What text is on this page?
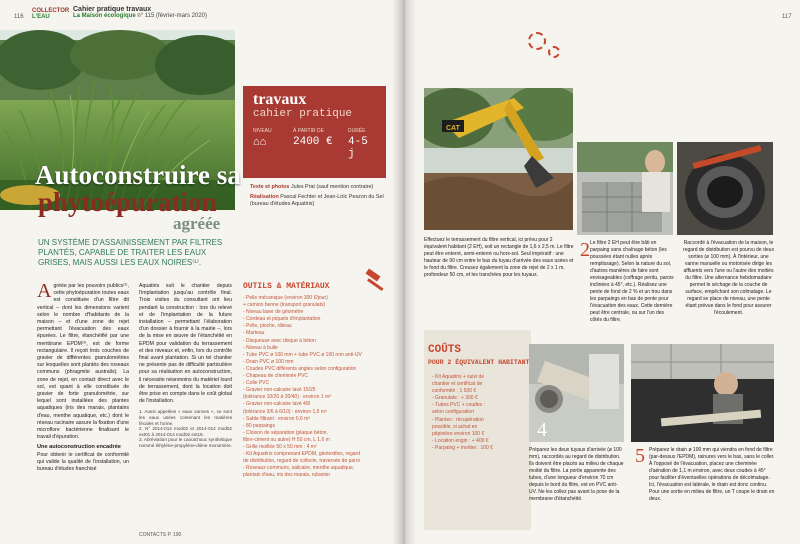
116
COLLECTOR
L'EAU
Cahier pratique travaux
La Maison écologique n° 115 (février-mars 2020)
Autoconstruire sa
phytoépuration
agréée
UN SYSTÈME D'ASSAINISSEMENT PAR FILTRES PLANTÉS, CAPABLE DE TRAITER LES EAUX GRISES, MAIS AUSSI LES EAUX NOIRES⁽¹⁾.
A gréée par les pouvoirs publics⁽²⁾, cette phytoépuration toutes eaux est constituée d'un filtre dit vertical – dont les dimensions varient selon le nombre d'habitants de la maison – et d'une zone de rejet permettant l'évacuation des eaux épurées. Le filtre, étanchéifié par une membrane EPDM⁽³⁾, est de forme rectangulaire. Il reçoit trois couches de gravier de différentes granulométries sur lesquelles sont plantés des roseaux communs (phragmite australis). La zone de rejet, en contact direct avec le sol, est quant à elle constituée de gravier de forte granulométrie, sur lequel sont installées des plantes aquatiques (iris des marais, plantains d'eau, menthe aquatique, etc.) dont le réseau racinaire assure la fixation d'une microflore bactérienne finalisant le travail d'épuration.
Une autoconstruction encadrée
Pour obtenir le certificat de conformité qui valide la qualité de l'installation, un bureau d'études franchisé
Aquatiris suit le chantier depuis l'implantation jusqu'au contrôle final. Trois visites du consultant ont lieu pendant la construction : lors du relevé et de l'implantation de la future installation – permettant l'élaboration d'un dossier à fournir à la mairie –, lors de la mise en œuvre de l'étanchéité en EPDM pour validation du terrassement et des niveaux et, enfin, lors du contrôle final avant plantation. Si un tel chantier ne présente pas de difficulté particulière pour sa réalisation en autoconstruction, il nécessite néanmoins du matériel lourd de terrassement, dont la location doit être prise en compte dans le coût global de l'installation.
1. Aussi appelées « eaux vannes », ce sont les eaux usées contenant les matières fécales et l'urine.
2. N° 2014-014 mod02 et 2014-014 mod02 ext01 à 2014-014 mod02 ext19.
3. Abréviation pour le caoutchouc synthétique nommé éthylène-propylène-diène monomère.
CONTACTS P. 190
travaux
cahier pratique
NIVEAU
⌂⌂
À PARTIR DE
2400 €
DURÉE
4-5 j
Texte et photos Jules Prat (sauf mention contraire)
Réalisation Pascal Fechter et Jean-Loïc Peszon du Sel (bureau d'études Aquatiris)
OUTILS & MATÉRIAUX
- Pelle mécanique (environ 300 €/jour)
+ camion benne (transport granulats)
- Niveau laser de géomètre
- Cordeau et piquets d'implantation
- Pelle, pioche, râteau
- Marteau
- Disqueuse avec disque à béton
- Niveau à bulle
- Tube PVC ø 100 mm + tube PVC ø 100 mm anti-UV
- Drain PVC ø 100 mm
- Coudes PVC différents angles selon configuration
- Chapeau de cheminée PVC
- Colle PVC
- Gravier non-calcaire lavé 15/25
(tolérance 10/20 à 20/40) : environ 1 m³
- Gravier non-calcaire lavé 4/8
(tolérance 3/6 à 6/10) : environ 1,5 m³
- Sable filtrant : environ 0,6 m³
- 80 parpaings
- Cloison de séparation (plaque béton,
fibre-ciment ou autre) H 50 cm, L 1,6 m
- Grille moillée 50 x 50 mm : 4 m²
- Kit Aquatiris comprenant EPDM, géotextiles, regard
de distribution, regard de collecte, traversée de paroi
- Roseaux communs, salicaire, menthe aquatique,
plantain d'eau, iris des marais, rubanier
117
CAT
Effectuez le terrassement du filtre vertical, ici prévu pour 2 équivalent habitant (2 EH), soit un rectangle de 1,6 x 2,5 m. Le filtre peut être enterré, semi-enterré ou hors-sol. Seul impératif : une hauteur de 90 cm entre le bas du tuyau d'arrivée des eaux usées et le fond du filtre. Creusez également la zone de rejet de 2 x 1 m, profondeur 50 cm, et les tranchées pour les tuyaux.
2 Le filtre 2 EH peut être bâti en parpaing sans chaînage béton (les poussées étant nulles après remplissage). Selon la nature du sol, d'autres manières de faire sont envisageables (coffrage perdu, parois inclinées à 45°, etc.). Réalisez une pente de fond de 2 % et un trou dans les parpaings en bas de pente pour l'évacuation des eaux. Cette dernière peut être centrale, ou sur l'un des côtés du filtre.
Raccordé à l'évacuation de la maison, le regard de distribution est pourvu de deux sorties (ø 100 mm). À l'intérieur, une vanne manuelle ou motorisée dirige les affluents vers l'une ou l'autre des moitiés du filtre. Une alternance hebdomadaire permet le séchage de la couche de surface, empêchant son colmatage. Le regard se place de niveau, une pente étant prévue dans le fond pour assurer l'écoulement.
COÛTS
POUR 2 ÉQUIVALENT HABITANT
- Kit Aquatiris + suivi de
chantier et certificat de
conformité : 1 500 €
- Granulats : + 300 €
- Tubes PVC + coudes :
selon configuration
- Plantes : récupération
possible, si achat en
pépinière environ 100 €
- Location engin : + 400 €
- Parpaing + mortier : 100 €
4
Préparez les deux tuyaux d'arrivée (ø 100 mm), raccordés au regard de distribution. Ils doivent être placés au milieu de chaque moitié du filtre. La portie apparente des tubes, d'une longueur d'environ 70 cm depuis le bord du filtre, est en PVC anti-UV. Ne les collez pas avant la pose de la membrane d'étanchéité.
5 Préparez le drain ø 100 mm qui viendra en fond de filtre (par-dessus l'EPDM), rainures vers le bas, sans le coller. À l'opposé de l'évacuation, placez une cheminée d'aération de 1,1 m environ, avec deux coudes à 45° pour faciliter d'éventuelles opérations de décolmatage. Ici, l'évacuation est latérale, le drain est donc continu. Pour une sortie en milieu de filtre, un T coupe le drain en deux.
